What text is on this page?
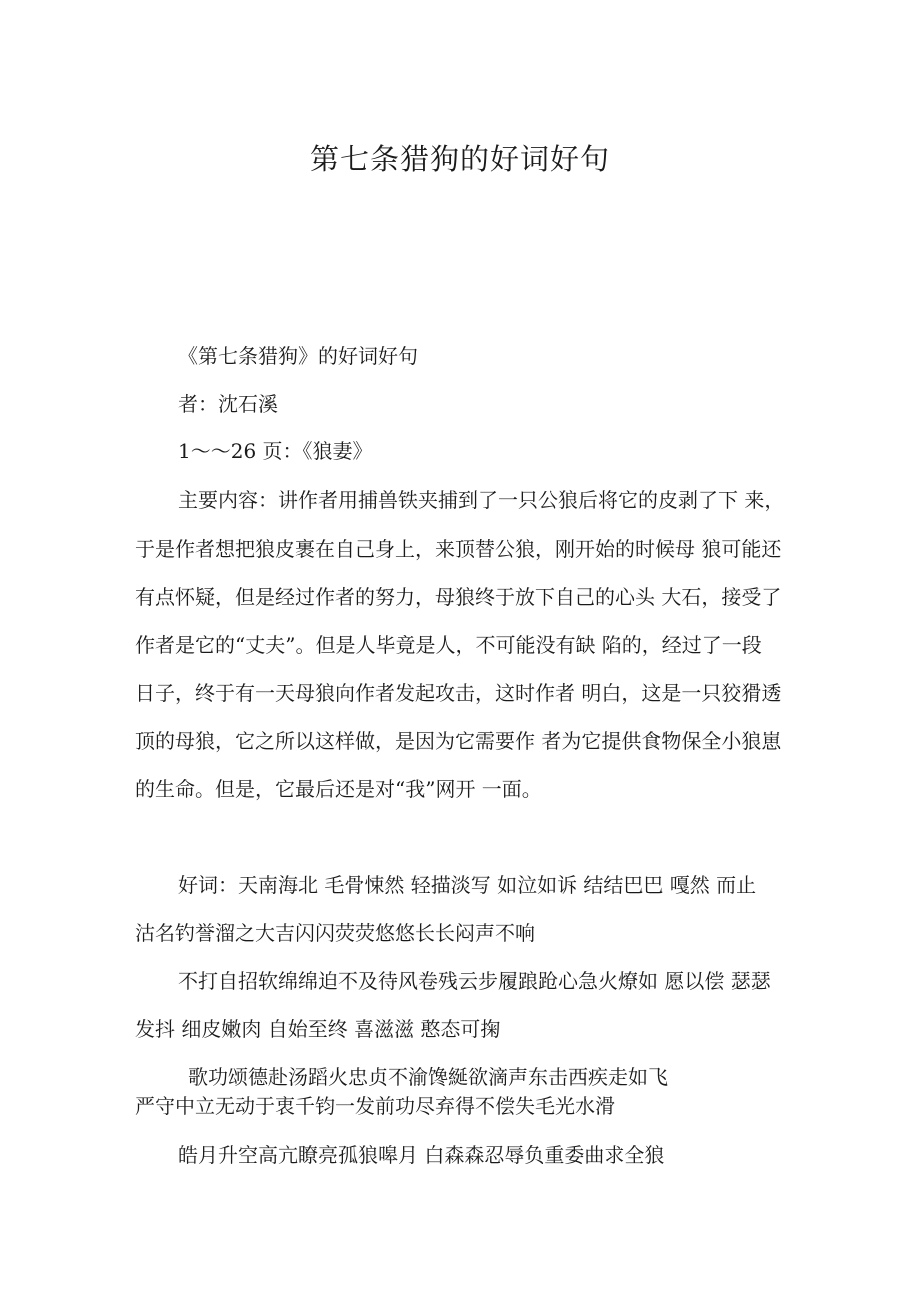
第七条猎狗的好词好句
《第七条猎狗》的好词好句
者：沈石溪
1～～26 页：《狼妻》
主要内容：讲作者用捕兽铁夹捕到了一只公狼后将它的皮剥了下 来，
于是作者想把狼皮裹在自己身上，来顶替公狼，刚开始的时候母 狼可能还
有点怀疑，但是经过作者的努力，母狼终于放下自己的心头 大石，接受了
作者是它的“丈夫”。但是人毕竟是人，不可能没有缺 陷的，经过了一段
日子，终于有一天母狼向作者发起攻击，这时作者 明白，这是一只狡猾透
顶的母狼，它之所以这样做，是因为它需要作 者为它提供食物保全小狼崽
的生命。但是，它最后还是对“我”网开 一面。
好词：天南海北 毛骨悚然 轻描淡写 如泣如诉 结结巴巴 嘎然 而止
沽名钓誉溜之大吉闪闪荧荧悠悠长长闷声不响
不打自招软绵绵迫不及待风卷残云步履踉跄心急火燎如 愿以偿 瑟瑟
发抖 细皮嫩肉 自始至终 喜滋滋 憨态可掬
歌功颂德赴汤蹈火忠贞不渝馋綖欲滴声东击西疾走如飞
严守中立无动于衷千钧一发前功尽弃得不偿失毛光水滑
皓月升空高亢瞭亮孤狼嗥月 白森森忍辱负重委曲求全狼
